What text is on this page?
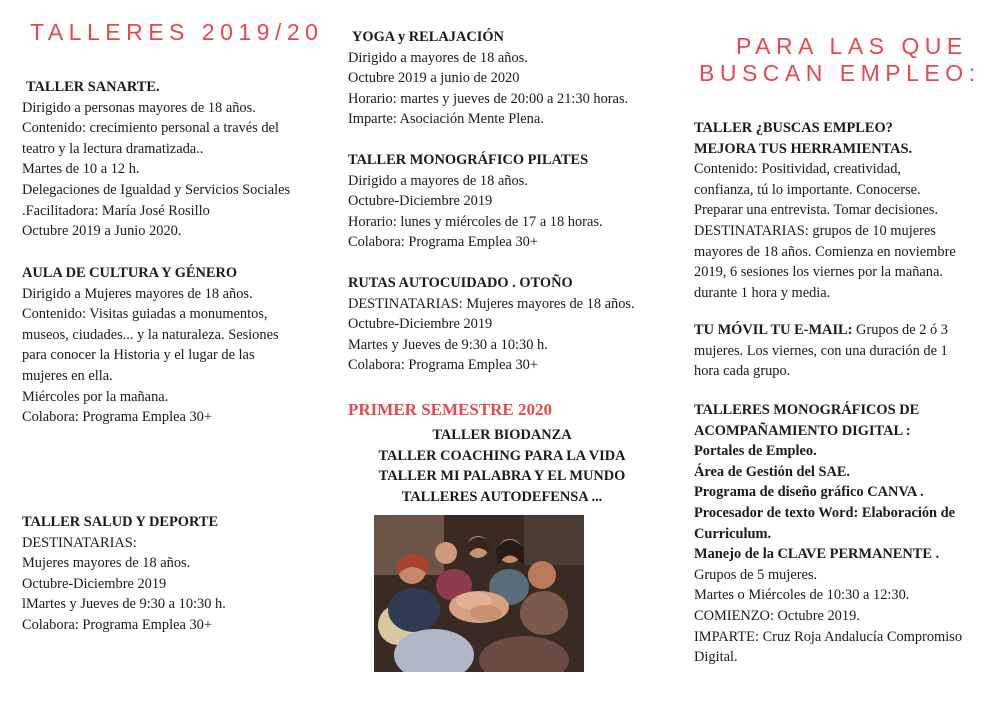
TALLERES 2019/20
TALLER SANARTE.
Dirigido a personas mayores de 18 años.
Contenido: crecimiento personal a través del
teatro y la lectura dramatizada..
Martes de 10 a 12 h.
Delegaciones de Igualdad y Servicios Sociales
.Facilitadora: María José Rosillo
Octubre 2019 a Junio 2020.
AULA DE CULTURA Y GÉNERO
Dirigido a Mujeres mayores de 18 años.
Contenido: Visitas guiadas a monumentos,
museos, ciudades... y la naturaleza. Sesiones
para conocer la Historia y el lugar de las
mujeres en ella.
Miércoles por la mañana.
Colabora: Programa Emplea 30+
TALLER SALUD Y DEPORTE
DESTINATARIAS:
Mujeres mayores de 18 años.
Octubre-Diciembre 2019
lMartes y Jueves de 9:30 a 10:30 h.
Colabora: Programa Emplea 30+
YOGA y RELAJACIÓN
Dirigido a mayores de 18 años.
Octubre 2019 a junio de 2020
Horario: martes y jueves de 20:00 a 21:30 horas.
Imparte: Asociación Mente Plena.
TALLER MONOGRÁFICO PILATES
Dirigido a mayores de 18 años.
Octubre-Diciembre 2019
Horario: lunes y miércoles de 17 a 18 horas.
Colabora: Programa Emplea 30+
RUTAS AUTOCUIDADO . OTOÑO
DESTINATARIAS: Mujeres mayores de 18 años.
Octubre-Diciembre 2019
Martes y Jueves de 9:30 a 10:30 h.
Colabora: Programa Emplea 30+
PRIMER SEMESTRE 2020
TALLER BIODANZA
TALLER COACHING PARA LA VIDA
TALLER MI PALABRA Y EL MUNDO
TALLERES AUTODEFENSA ...
PARA LAS QUE
BUSCAN EMPLEO:
TALLER ¿BUSCAS EMPLEO?
MEJORA TUS HERRAMIENTAS.
Contenido: Positividad, creatividad,
confianza, tú lo importante. Conocerse.
Preparar una entrevista. Tomar decisiones.
DESTINATARIAS: grupos de 10 mujeres
mayores de 18 años. Comienza en noviembre
2019, 6 sesiones los viernes por la mañana.
durante 1 hora y media.
TU MÓVIL TU E-MAIL: Grupos de 2 ó 3
mujeres. Los viernes, con una duración de 1
hora cada grupo.
TALLERES MONOGRÁFICOS DE
ACOMPAÑAMIENTO DIGITAL :
Portales de Empleo.
Área de Gestión del SAE.
Programa de diseño gráfico CANVA .
Procesador de texto Word: Elaboración de
Curriculum.
Manejo de la CLAVE PERMANENTE .
Grupos de 5 mujeres.
Martes o Miércoles de 10:30 a 12:30.
COMIENZO: Octubre 2019.
IMPARTE: Cruz Roja Andalucía Compromiso
Digital.
